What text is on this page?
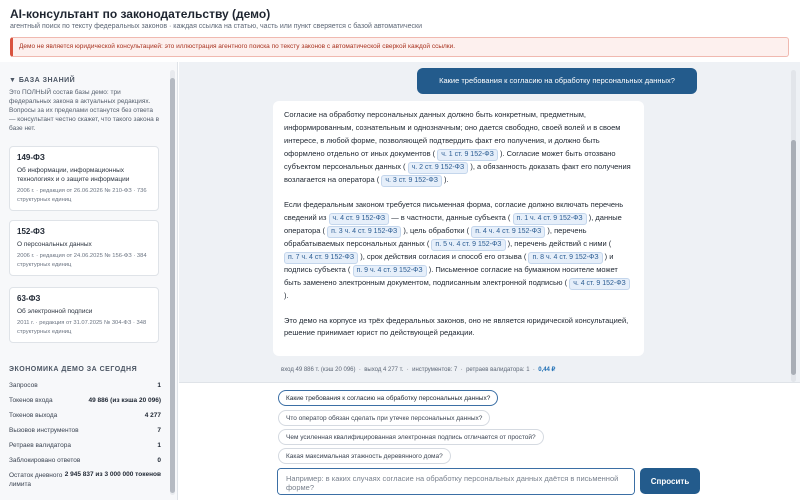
AI-консультант по законодательству (демо)
агентный поиск по тексту федеральных законов · каждая ссылка на статью, часть или пункт сверяется с базой автоматически
Демо не является юридической консультацией: это иллюстрация агентного поиска по тексту законов с автоматической сверкой каждой ссылки.
▼ БАЗА ЗНАНИЙ
Это ПОЛНЫЙ состав базы демо: три федеральных закона в актуальных редакциях. Вопросы за их пределами останутся без ответа — консультант честно скажет, что такого закона в базе нет.
149-ФЗ
Об информации, информационных технологиях и о защите информации
2006 г. · редакция от 26.06.2026 № 210-ФЗ · 736 структурных единиц
152-ФЗ
О персональных данных
2006 г. · редакция от 24.06.2025 № 156-ФЗ · 384 структурных единиц
63-ФЗ
Об электронной подписи
2011 г. · редакция от 31.07.2025 № 304-ФЗ · 348 структурных единиц
ЭКОНОМИКА ДЕМО ЗА СЕГОДНЯ
Запросов	1
Токенов входа	49 886 (из кэша 20 096)
Токенов выхода	4 277
Вызовов инструментов	7
Ретраев валидатора	1
Заблокировано ответов	0
Остаток дневного лимита
2 945 837 из 3 000 000 токенов
Какие требования к согласию на обработку персональных данных?

Согласие на обработку персональных данных должно быть конкретным, предметным, информированным, сознательным и однозначным; оно дается свободно, своей волей и в своем интересе, в любой форме, позволяющей подтвердить факт его получения, и должно быть оформлено отдельно от иных документов ( ч. 1 ст. 9 152-ФЗ ). Согласие может быть отозвано субъектом персональных данных ( ч. 2 ст. 9 152-ФЗ ), а обязанность доказать факт его получения возлагается на оператора ( ч. 3 ст. 9 152-ФЗ ).

Если федеральным законом требуется письменная форма, согласие должно включать перечень сведений из ч. 4 ст. 9 152-ФЗ — в частности, данные субъекта ( п. 1 ч. 4 ст. 9 152-ФЗ ), данные оператора ( п. 3 ч. 4 ст. 9 152-ФЗ ), цель обработки ( п. 4 ч. 4 ст. 9 152-ФЗ ), перечень обрабатываемых персональных данных ( п. 5 ч. 4 ст. 9 152-ФЗ ), перечень действий с ними ( п. 7 ч. 4 ст. 9 152-ФЗ ), срок действия согласия и способ его отзыва ( п. 8 ч. 4 ст. 9 152-ФЗ ) и подпись субъекта ( п. 9 ч. 4 ст. 9 152-ФЗ ). Письменное согласие на бумажном носителе может быть заменено электронным документом, подписанным электронной подписью ( ч. 4 ст. 9 152-ФЗ ).

Это демо на корпусе из трёх федеральных законов, оно не является юридической консультацией, решение принимает юрист по действующей редакции.

вход 49 886 т. (кэш 20 096)  ·  выход 4 277 т.  ·  инструментов: 7  ·  ретраев валидатора: 1  ·  0,44 ₽
Какие требования к согласию на обработку персональных данных?
Что оператор обязан сделать при утечке персональных данных?
Чем усиленная квалифицированная электронная подпись отличается от простой?
Какая максимальная этажность деревянного дома?
Например: в каких случаях согласие на обработку персональных данных даётся в письменной форме?
Спросить
